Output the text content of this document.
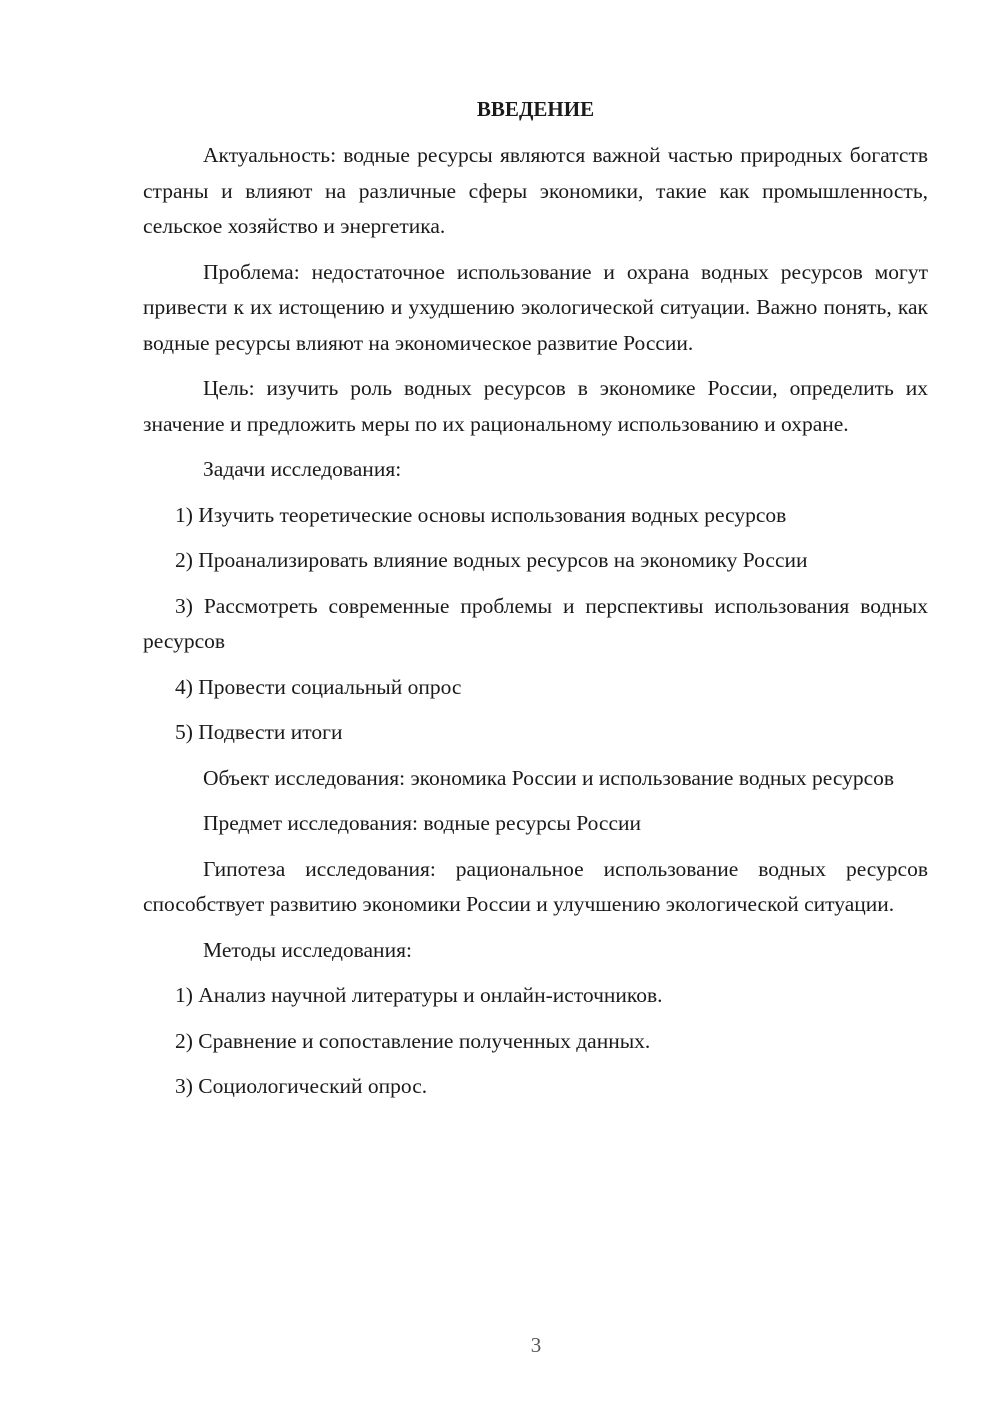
ВВЕДЕНИЕ

Актуальность: водные ресурсы являются важной частью природных богатств страны и влияют на различные сферы экономики, такие как промышленность, сельское хозяйство и энергетика.

Проблема: недостаточное использование и охрана водных ресурсов могут привести к их истощению и ухудшению экологической ситуации. Важно понять, как водные ресурсы влияют на экономическое развитие России.

Цель: изучить роль водных ресурсов в экономике России, определить их значение и предложить меры по их рациональному использованию и охране.

Задачи исследования:

1) Изучить теоретические основы использования водных ресурсов

2) Проанализировать влияние водных ресурсов на экономику России

3) Рассмотреть современные проблемы и перспективы использования водных ресурсов

4) Провести социальный опрос

5) Подвести итоги

Объект исследования: экономика России и использование водных ресурсов

Предмет исследования: водные ресурсы России

Гипотеза исследования: рациональное использование водных ресурсов способствует развитию экономики России и улучшению экологической ситуации.

Методы исследования:

1) Анализ научной литературы и онлайн-источников.

2) Сравнение и сопоставление полученных данных.

3) Социологический опрос.

3
